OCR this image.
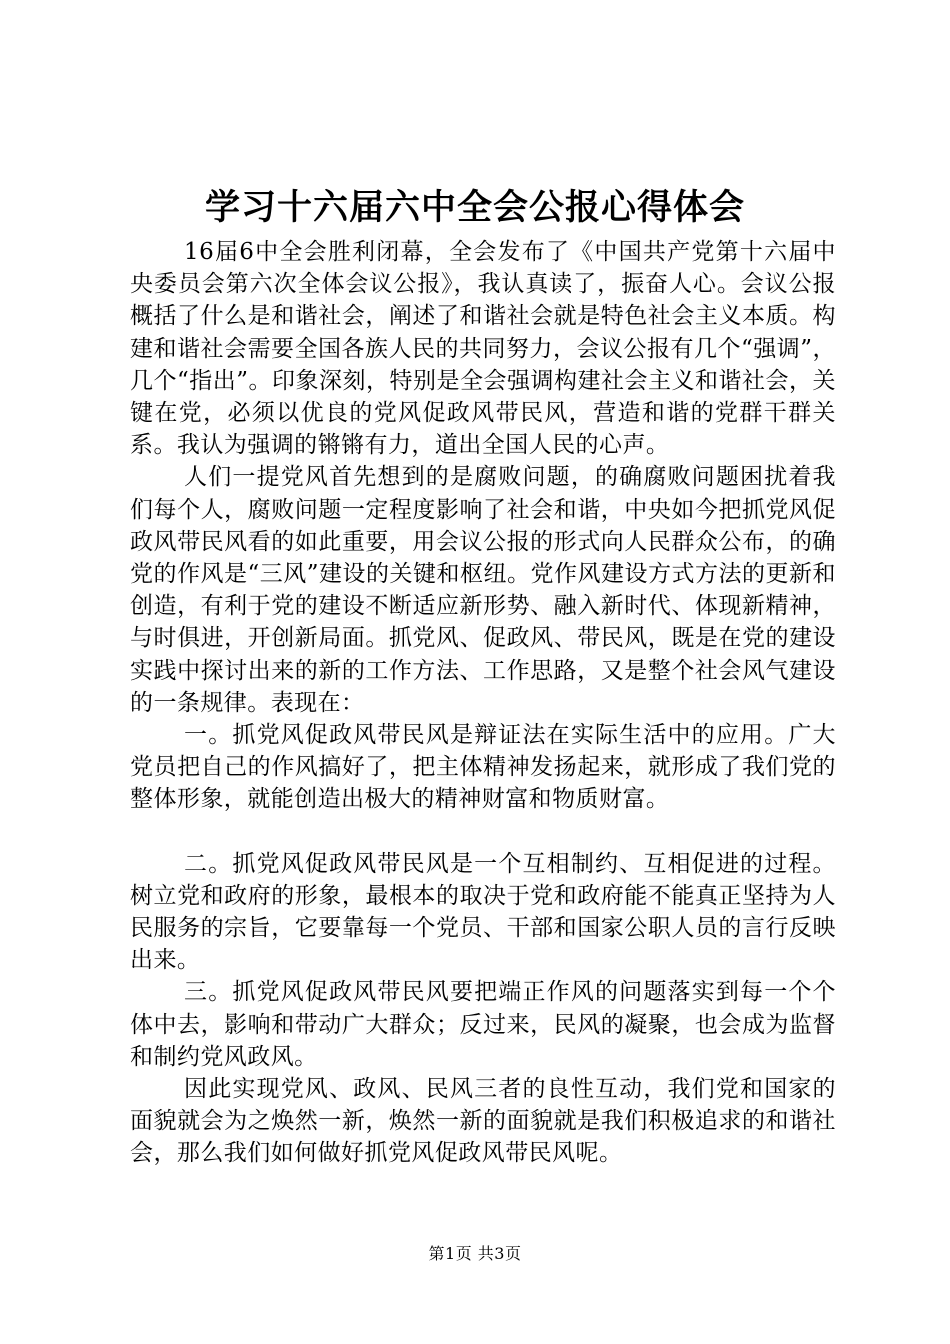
学习十六届六中全会公报心得体会

16届6中全会胜利闭幕，全会发布了《中国共产党第十六届中央委员会第六次全体会议公报》，我认真读了，振奋人心。会议公报概括了什么是和谐社会，阐述了和谐社会就是特色社会主义本质。构建和谐社会需要全国各族人民的共同努力，会议公报有几个“强调”，几个“指出”。印象深刻，特别是全会强调构建社会主义和谐社会，关键在党，必须以优良的党风促政风带民风，营造和谐的党群干群关系。我认为强调的锵锵有力，道出全国人民的心声。

人们一提党风首先想到的是腐败问题，的确腐败问题困扰着我们每个人，腐败问题一定程度影响了社会和谐，中央如今把抓党风促政风带民风看的如此重要，用会议公报的形式向人民群众公布，的确党的作风是“三风”建设的关键和枢纽。党作风建设方式方法的更新和创造，有利于党的建设不断适应新形势、融入新时代、体现新精神，与时俱进，开创新局面。抓党风、促政风、带民风，既是在党的建设实践中探讨出来的新的工作方法、工作思路，又是整个社会风气建设的一条规律。表现在：

一。抓党风促政风带民风是辩证法在实际生活中的应用。广大党员把自己的作风搞好了，把主体精神发扬起来，就形成了我们党的整体形象，就能创造出极大的精神财富和物质财富。

二。抓党风促政风带民风是一个互相制约、互相促进的过程。树立党和政府的形象，最根本的取决于党和政府能不能真正坚持为人民服务的宗旨，它要靠每一个党员、干部和国家公职人员的言行反映出来。

三。抓党风促政风带民风要把端正作风的问题落实到每一个个体中去，影响和带动广大群众；反过来，民风的凝聚，也会成为监督和制约党风政风。

因此实现党风、政风、民风三者的良性互动，我们党和国家的面貌就会为之焕然一新，焕然一新的面貌就是我们积极追求的和谐社会，那么我们如何做好抓党风促政风带民风呢。

第1页 共3页
